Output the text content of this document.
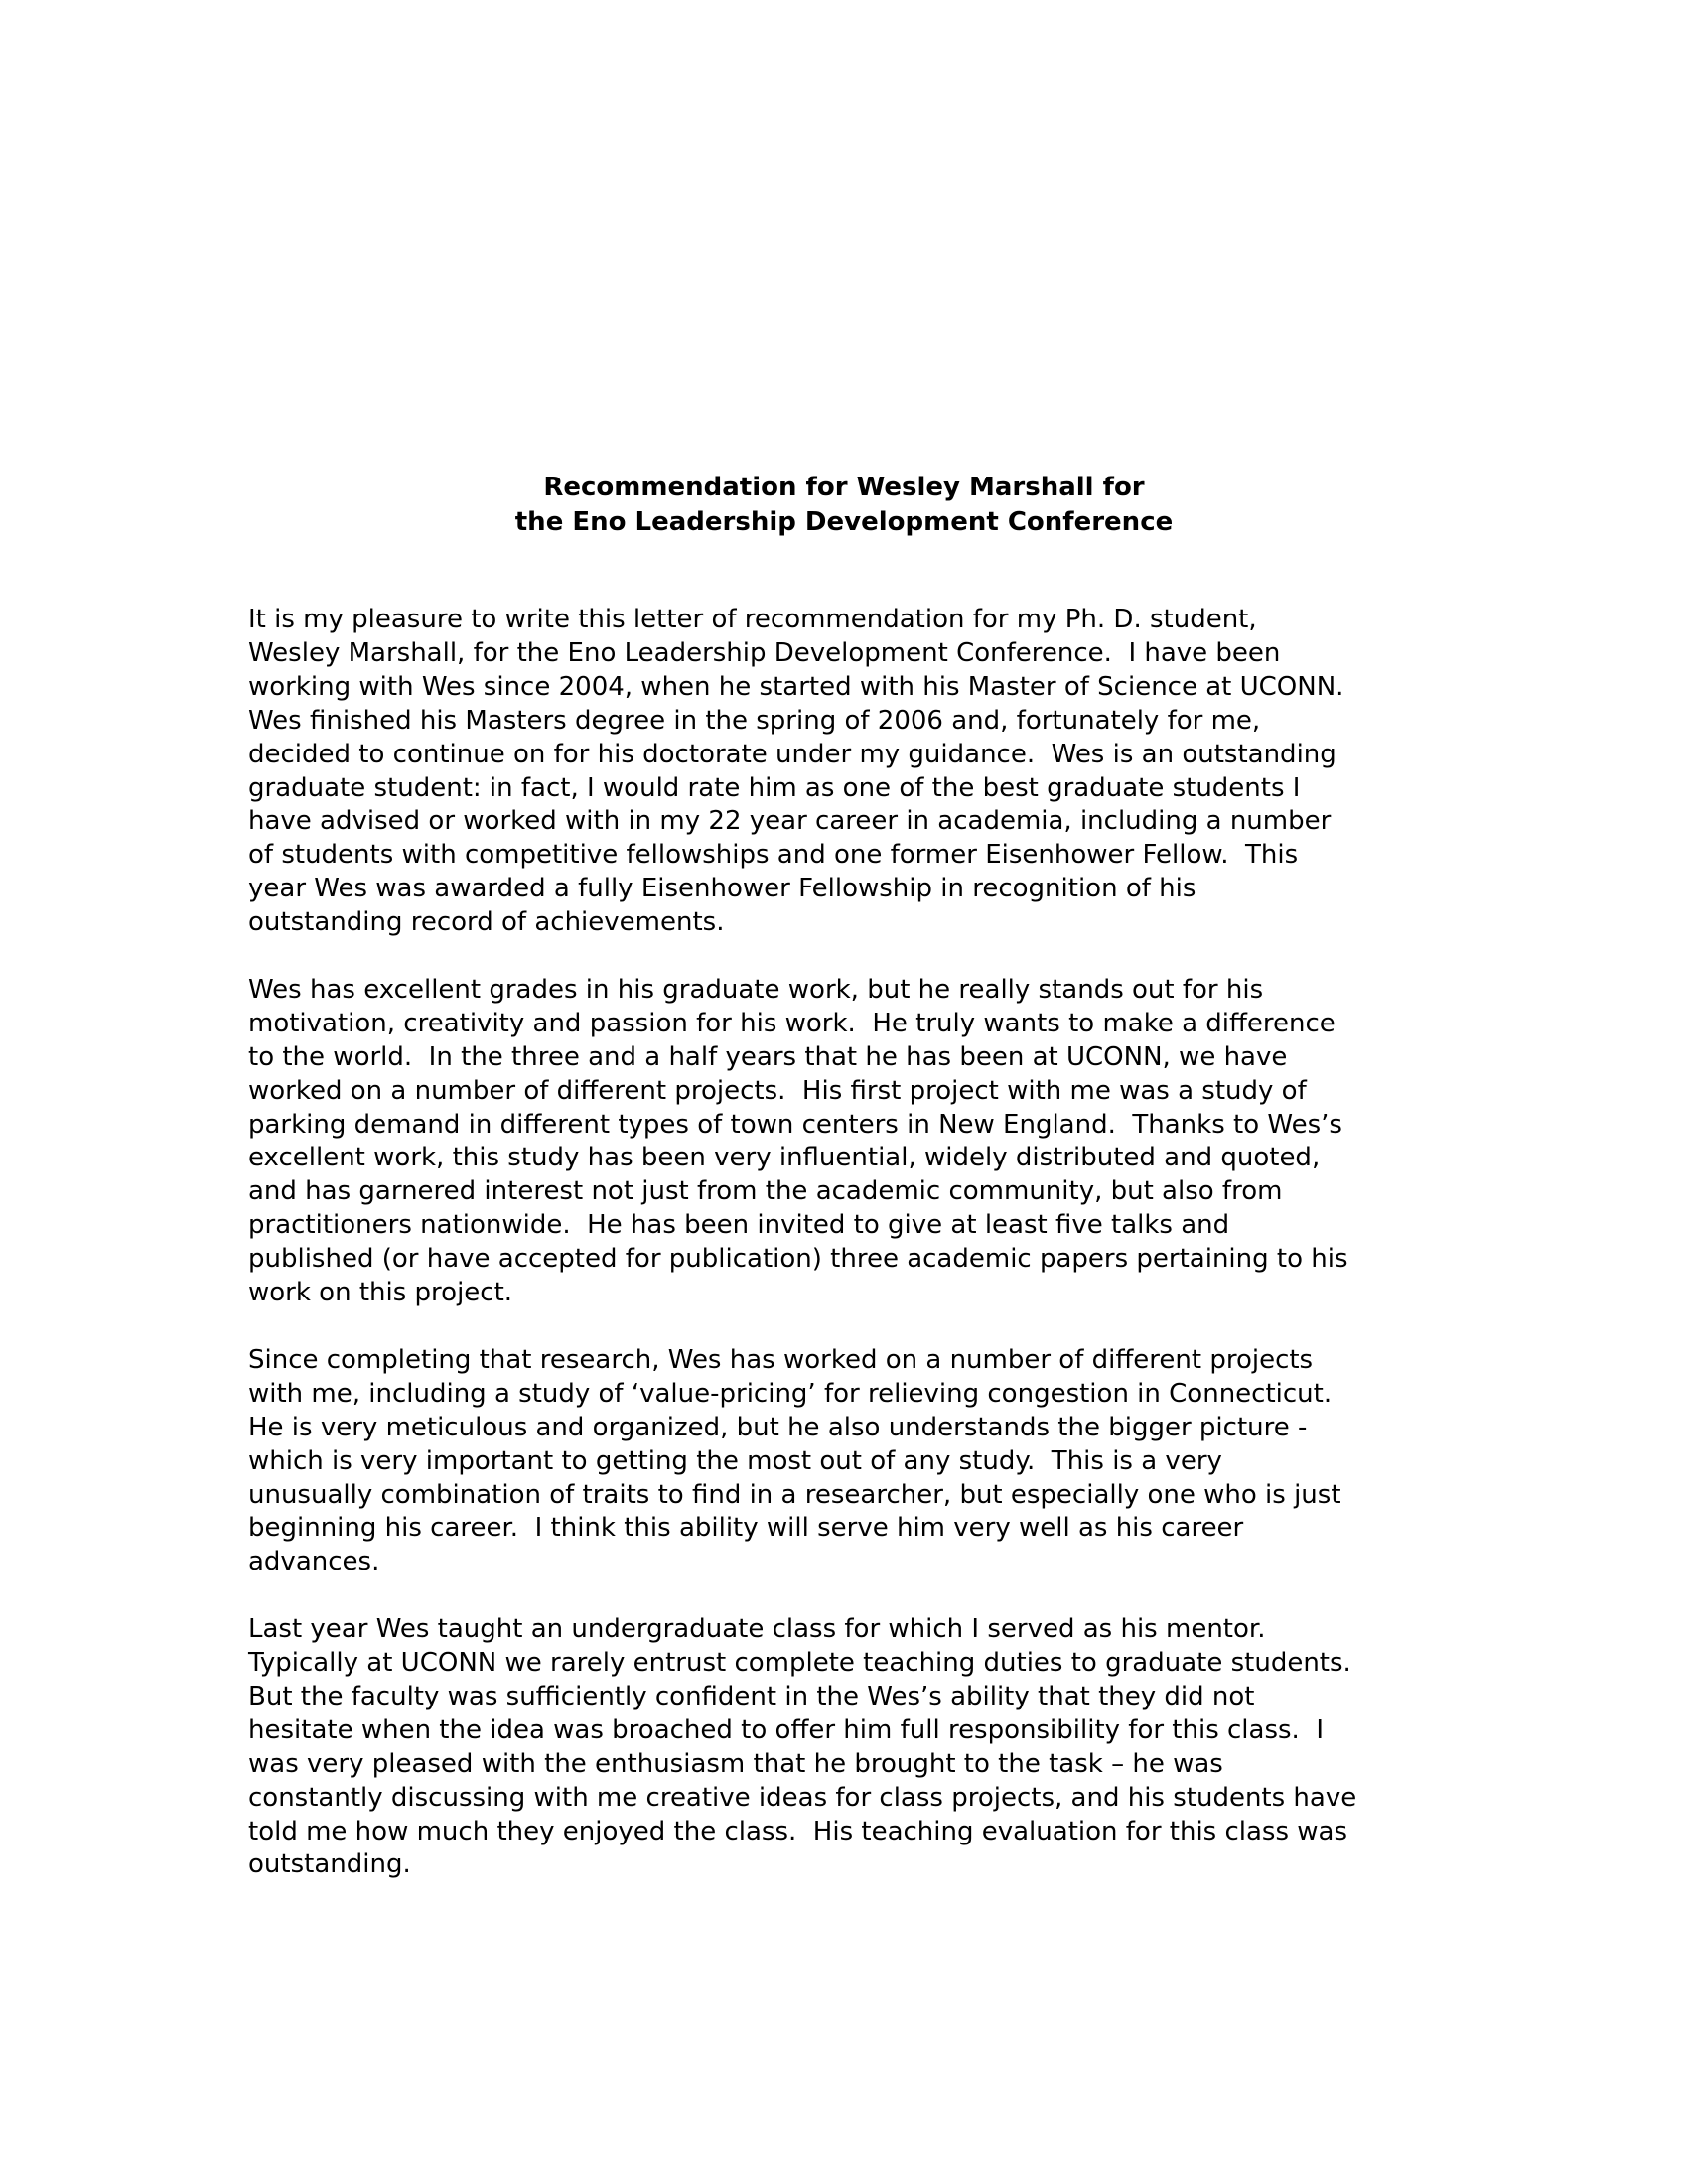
Recommendation for Wesley Marshall for
the Eno Leadership Development Conference
It is my pleasure to write this letter of recommendation for my Ph. D. student,
Wesley Marshall, for the Eno Leadership Development Conference.  I have been
working with Wes since 2004, when he started with his Master of Science at UCONN.
Wes finished his Masters degree in the spring of 2006 and, fortunately for me,
decided to continue on for his doctorate under my guidance.  Wes is an outstanding
graduate student: in fact, I would rate him as one of the best graduate students I
have advised or worked with in my 22 year career in academia, including a number
of students with competitive fellowships and one former Eisenhower Fellow.  This
year Wes was awarded a fully Eisenhower Fellowship in recognition of his
outstanding record of achievements.
Wes has excellent grades in his graduate work, but he really stands out for his
motivation, creativity and passion for his work.  He truly wants to make a difference
to the world.  In the three and a half years that he has been at UCONN, we have
worked on a number of different projects.  His first project with me was a study of
parking demand in different types of town centers in New England.  Thanks to Wes’s
excellent work, this study has been very influential, widely distributed and quoted,
and has garnered interest not just from the academic community, but also from
practitioners nationwide.  He has been invited to give at least five talks and
published (or have accepted for publication) three academic papers pertaining to his
work on this project.
Since completing that research, Wes has worked on a number of different projects
with me, including a study of ‘value-pricing’ for relieving congestion in Connecticut.
He is very meticulous and organized, but he also understands the bigger picture -
which is very important to getting the most out of any study.  This is a very
unusually combination of traits to find in a researcher, but especially one who is just
beginning his career.  I think this ability will serve him very well as his career
advances.
Last year Wes taught an undergraduate class for which I served as his mentor.
Typically at UCONN we rarely entrust complete teaching duties to graduate students.
But the faculty was sufficiently confident in the Wes’s ability that they did not
hesitate when the idea was broached to offer him full responsibility for this class.  I
was very pleased with the enthusiasm that he brought to the task – he was
constantly discussing with me creative ideas for class projects, and his students have
told me how much they enjoyed the class.  His teaching evaluation for this class was
outstanding.
